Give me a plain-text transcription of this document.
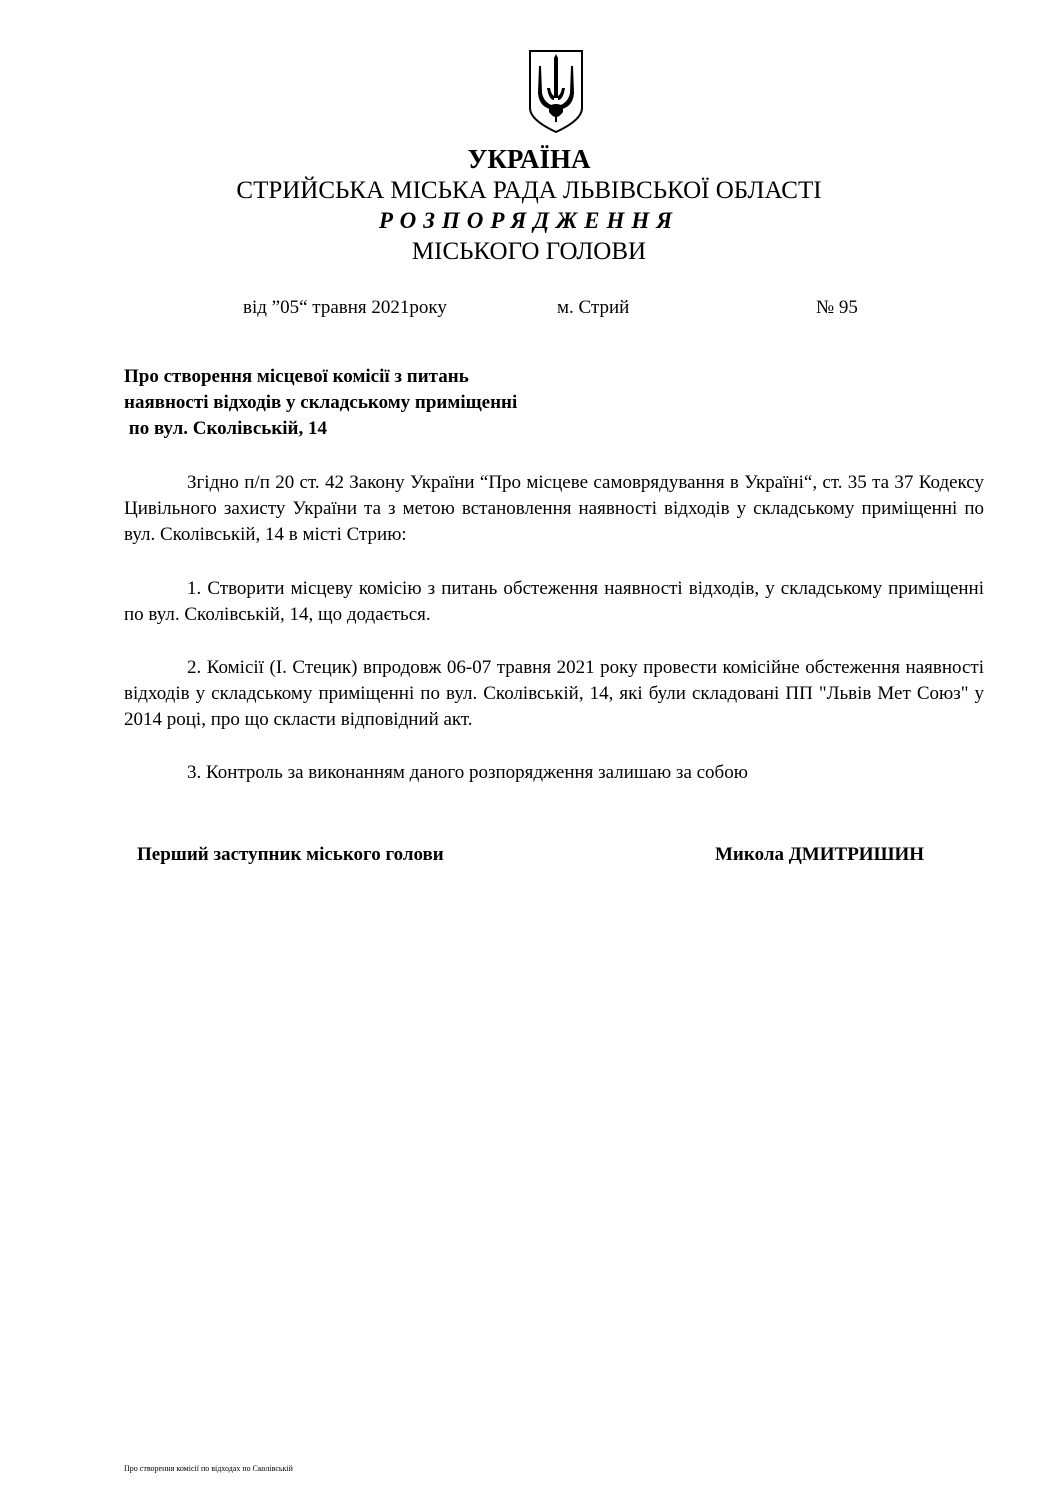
УКРАЇНА
СТРИЙСЬКА МІСЬКА РАДА ЛЬВІВСЬКОЇ ОБЛАСТІ
РОЗПОРЯДЖЕННЯ
МІСЬКОГО ГОЛОВИ
від ”05“ травня 2021року	м. Стрий	№ 95
Про створення місцевої комісії з питань
наявності відходів у складському приміщенні
по вул. Сколівській, 14
Згідно п/п 20 ст. 42 Закону України “Про місцеве самоврядування в Україні“, ст. 35 та 37 Кодексу Цивільного захисту України та з метою встановлення наявності відходів у складському приміщенні по вул. Сколівській, 14 в місті Стрию:
1. Створити місцеву комісію з питань обстеження наявності відходів, у складському приміщенні по вул. Сколівській, 14, що додається.
2. Комісії (І. Стецик) впродовж 06-07 травня 2021 року провести комісійне обстеження наявності відходів у складському приміщенні по вул. Сколівській, 14, які були складовані ПП "Львів Мет Союз" у 2014 році, про що скласти відповідний акт.
3. Контроль за виконанням даного розпорядження залишаю за собою
Перший заступник міського голови	Микола ДМИТРИШИН
Про створення комісії по відходах по Сколівській
